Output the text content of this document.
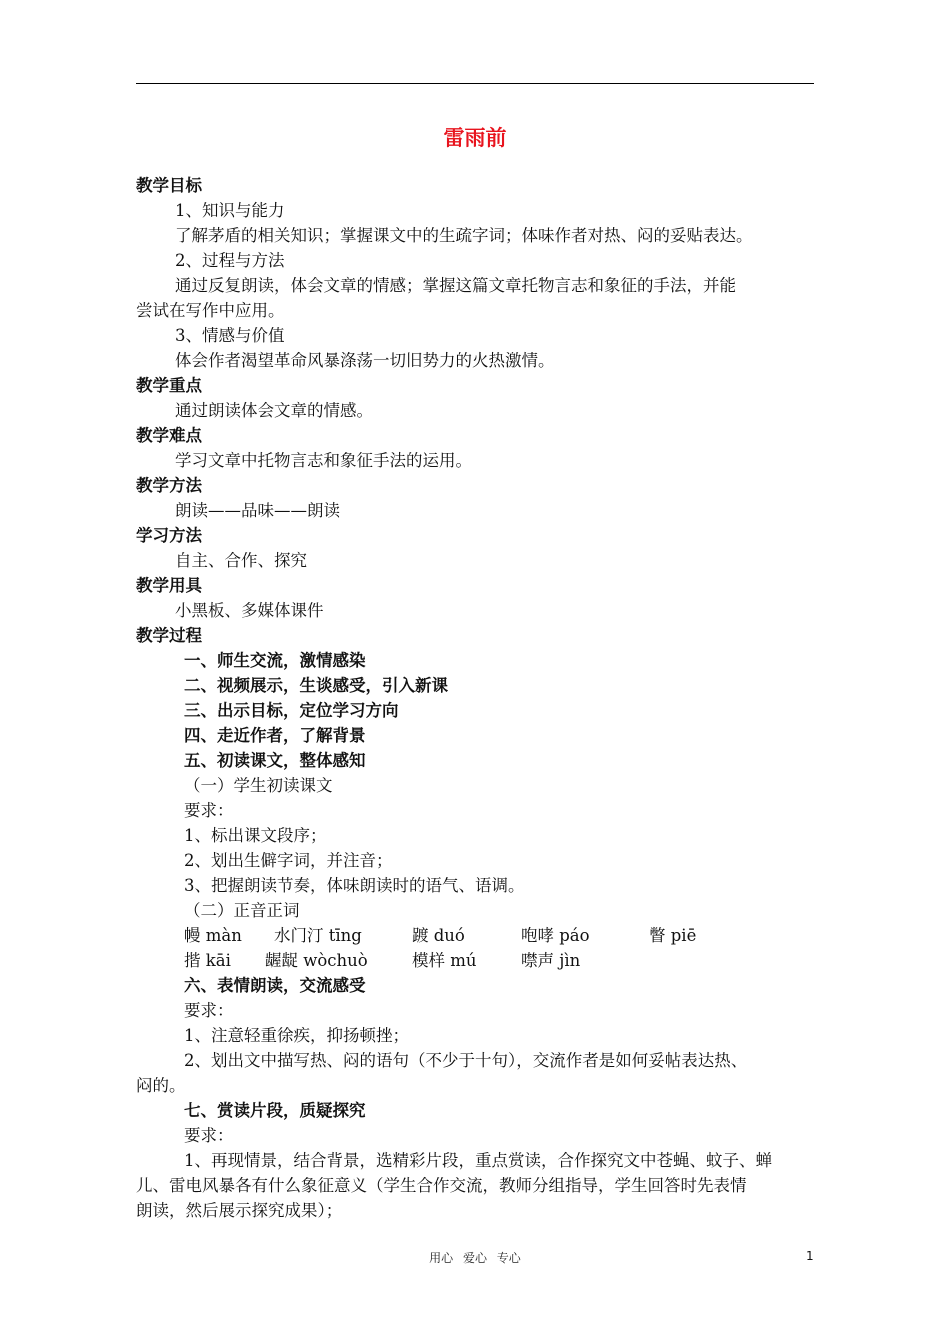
雷雨前
教学目标
1、知识与能力
了解茅盾的相关知识；掌握课文中的生疏字词；体味作者对热、闷的妥贴表达。
2、过程与方法
通过反复朗读，体会文章的情感；掌握这篇文章托物言志和象征的手法，并能
尝试在写作中应用。
3、情感与价值
体会作者渴望革命风暴涤荡一切旧势力的火热激情。
教学重点
通过朗读体会文章的情感。
教学难点
学习文章中托物言志和象征手法的运用。
教学方法
朗读——品味——朗读
学习方法
自主、合作、探究
教学用具
小黑板、多媒体课件
教学过程
一、师生交流，激情感染
二、视频展示，生谈感受，引入新课
三、出示目标，定位学习方向
四、走近作者，了解背景
五、初读课文，整体感知
（一）学生初读课文
要求：
1、标出课文段序；
2、划出生僻字词，并注音；
3、把握朗读节奏，体味朗读时的语气、语调。
（二）正音正词
幔 màn 水门汀 tīng	踱 duó	咆哮 páo	瞥 piē
揩 kāi 龌龊 wòchuò	模样 mú	噤声 jìn
六、表情朗读，交流感受
要求：
1、注意轻重徐疾，抑扬顿挫；
2、划出文中描写热、闷的语句（不少于十句），交流作者是如何妥帖表达热、
闷的。
七、赏读片段，质疑探究
要求：
1、再现情景，结合背景，选精彩片段，重点赏读，合作探究文中苍蝇、蚊子、蝉
儿、雷电风暴各有什么象征意义（学生合作交流，教师分组指导，学生回答时先表情
朗读，然后展示探究成果）；
用心 爱心 专心	1
